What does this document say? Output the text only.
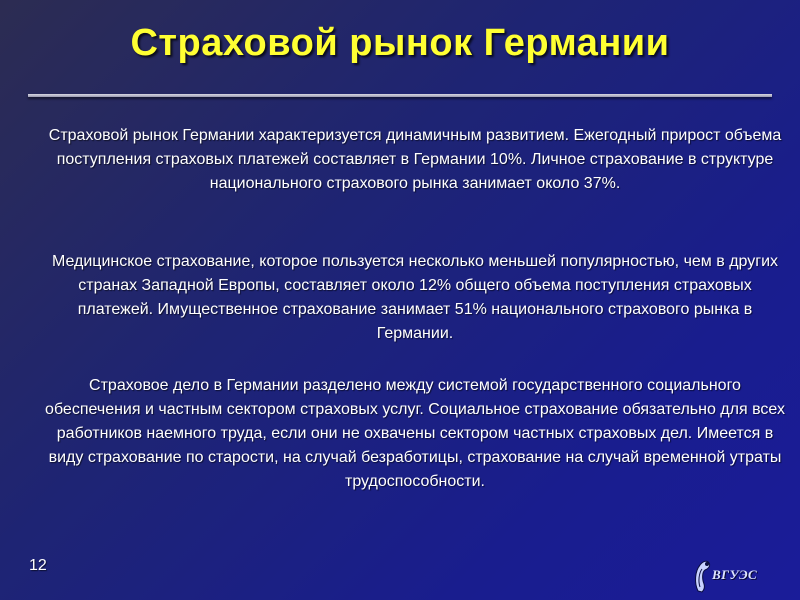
Страховой рынок Германии

Страховой рынок Германии характеризуется динамичным развитием. Ежегодный прирост объема поступления страховых платежей составляет в Германии 10%. Личное страхование в структуре национального страхового рынка занимает около 37%.

Медицинское страхование, которое пользуется несколько меньшей популярностью, чем в других странах Западной Европы, составляет около 12% общего объема поступления страховых платежей. Имущественное страхование занимает 51% национального страхового рынка в Германии.

Страховое дело в Германии разделено между системой государственного социального обеспечения и частным сектором страховых услуг. Социальное страхование обязательно для всех работников наемного труда, если они не охвачены сектором частных страховых дел. Имеется в виду страхование по старости, на случай безработицы, страхование на случай временной утраты трудоспособности.

12
ВГУЭС
